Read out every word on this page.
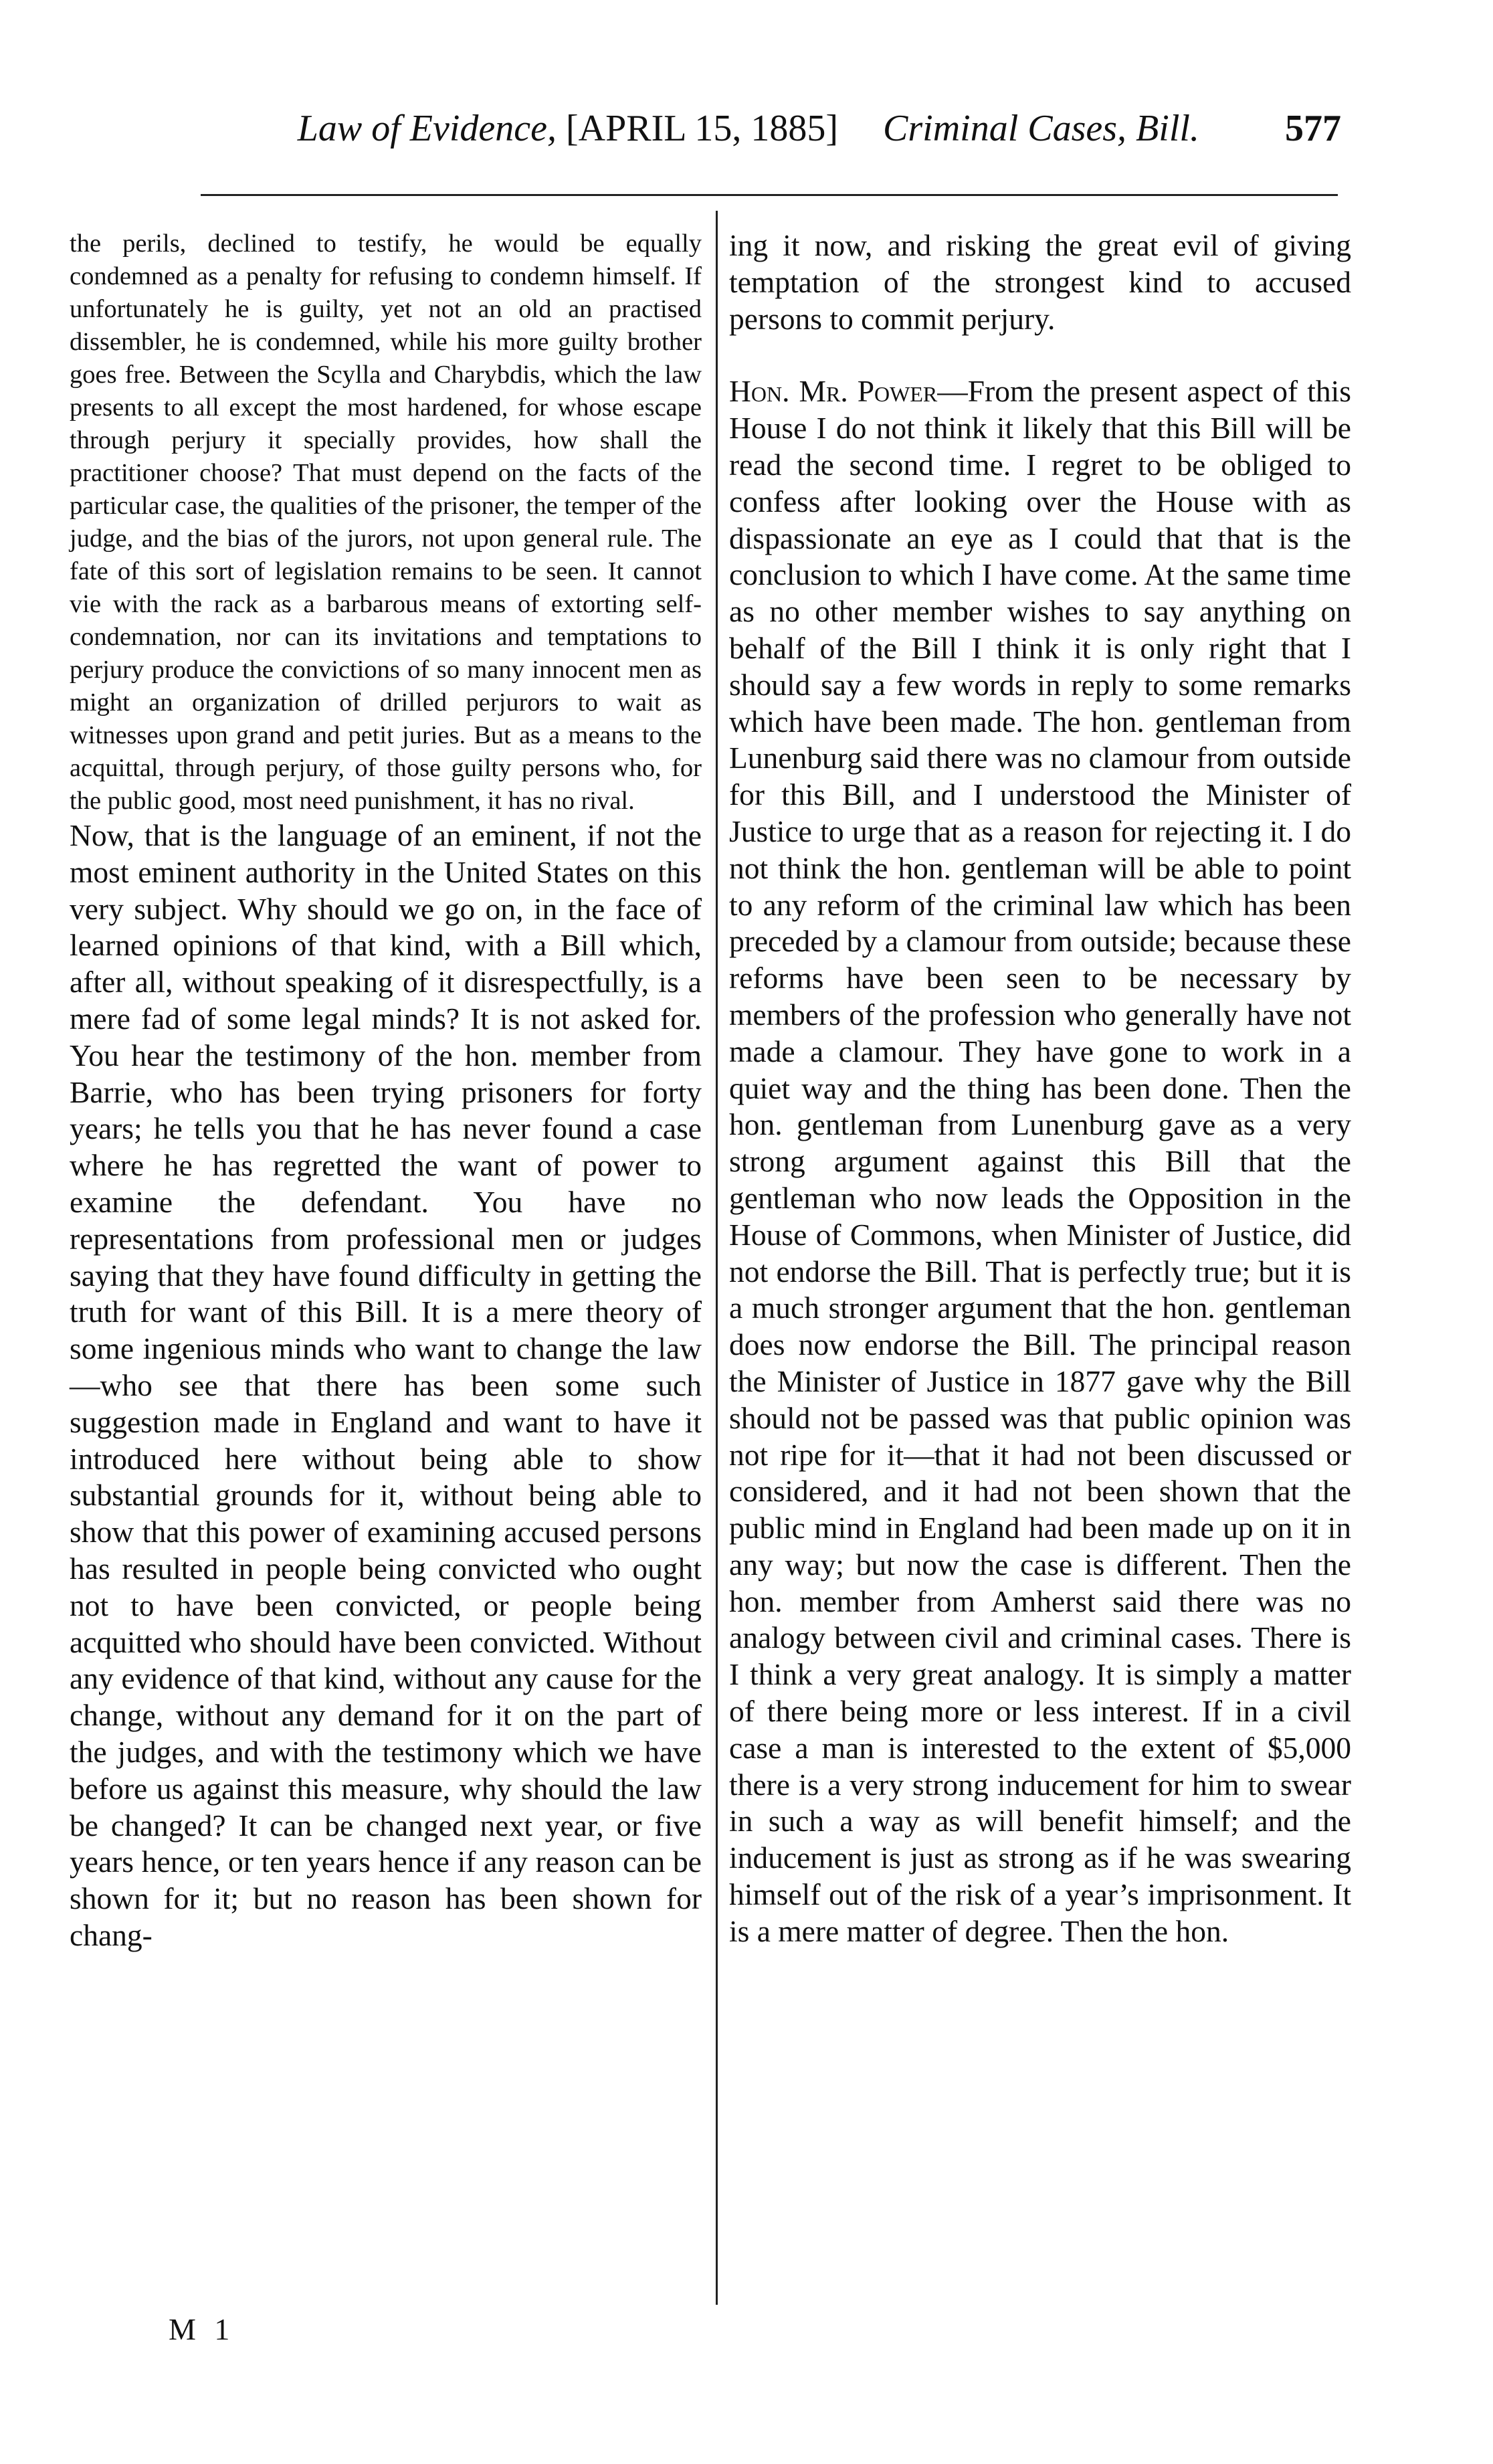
Law of Evidence, [APRIL 15, 1885] Criminal Cases, Bill. 577

the perils, declined to testify, he would be equally condemned as a penalty for refusing to condemn himself. If unfortunately he is guilty, yet not an old an practised dissembler, he is condemned, while his more guilty brother goes free. Between the Scylla and Charybdis, which the law presents to all except the most hardened, for whose escape through perjury it specially provides, how shall the practitioner choose? That must depend on the facts of the particular case, the qualities of the prisoner, the temper of the judge, and the bias of the jurors, not upon general rule. The fate of this sort of legislation remains to be seen. It cannot vie with the rack as a barbarous means of extorting self-condemnation, nor can its invitations and temptations to perjury produce the convictions of so many innocent men as might an organization of drilled perjurors to wait as witnesses upon grand and petit juries. But as a means to the acquittal, through perjury, of those guilty persons who, for the public good, most need punishment, it has no rival.

Now, that is the language of an eminent, if not the most eminent authority in the United States on this very subject. Why should we go on, in the face of learned opinions of that kind, with a Bill which, after all, without speaking of it disrespectfully, is a mere fad of some legal minds? It is not asked for. You hear the testimony of the hon. member from Barrie, who has been trying prisoners for forty years; he tells you that he has never found a case where he has regretted the want of power to examine the defendant. You have no representations from professional men or judges saying that they have found difficulty in getting the truth for want of this Bill. It is a mere theory of some ingenious minds who want to change the law—who see that there has been some such suggestion made in England and want to have it introduced here without being able to show substantial grounds for it, without being able to show that this power of examining accused persons has resulted in people being convicted who ought not to have been convicted, or people being acquitted who should have been convicted. Without any evidence of that kind, without any cause for the change, without any demand for it on the part of the judges, and with the testimony which we have before us against this measure, why should the law be changed? It can be changed next year, or five years hence, or ten years hence if any reason can be shown for it; but no reason has been shown for chang-

ing it now, and risking the great evil of giving temptation of the strongest kind to accused persons to commit perjury.

Hon. Mr. Power—From the present aspect of this House I do not think it likely that this Bill will be read the second time. I regret to be obliged to confess after looking over the House with as dispassionate an eye as I could that that is the conclusion to which I have come. At the same time as no other member wishes to say anything on behalf of the Bill I think it is only right that I should say a few words in reply to some remarks which have been made. The hon. gentleman from Lunenburg said there was no clamour from outside for this Bill, and I understood the Minister of Justice to urge that as a reason for rejecting it. I do not think the hon. gentleman will be able to point to any reform of the criminal law which has been preceded by a clamour from outside; because these reforms have been seen to be necessary by members of the profession who generally have not made a clamour. They have gone to work in a quiet way and the thing has been done. Then the hon. gentleman from Lunenburg gave as a very strong argument against this Bill that the gentleman who now leads the Opposition in the House of Commons, when Minister of Justice, did not endorse the Bill. That is perfectly true; but it is a much stronger argument that the hon. gentleman does now endorse the Bill. The principal reason the Minister of Justice in 1877 gave why the Bill should not be passed was that public opinion was not ripe for it—that it had not been discussed or considered, and it had not been shown that the public mind in England had been made up on it in any way; but now the case is different. Then the hon. member from Amherst said there was no analogy between civil and criminal cases. There is I think a very great analogy. It is simply a matter of there being more or less interest. If in a civil case a man is interested to the extent of $5,000 there is a very strong inducement for him to swear in such a way as will benefit himself; and the inducement is just as strong as if he was swearing himself out of the risk of a year’s imprisonment. It is a mere matter of degree. Then the hon.

M 1
